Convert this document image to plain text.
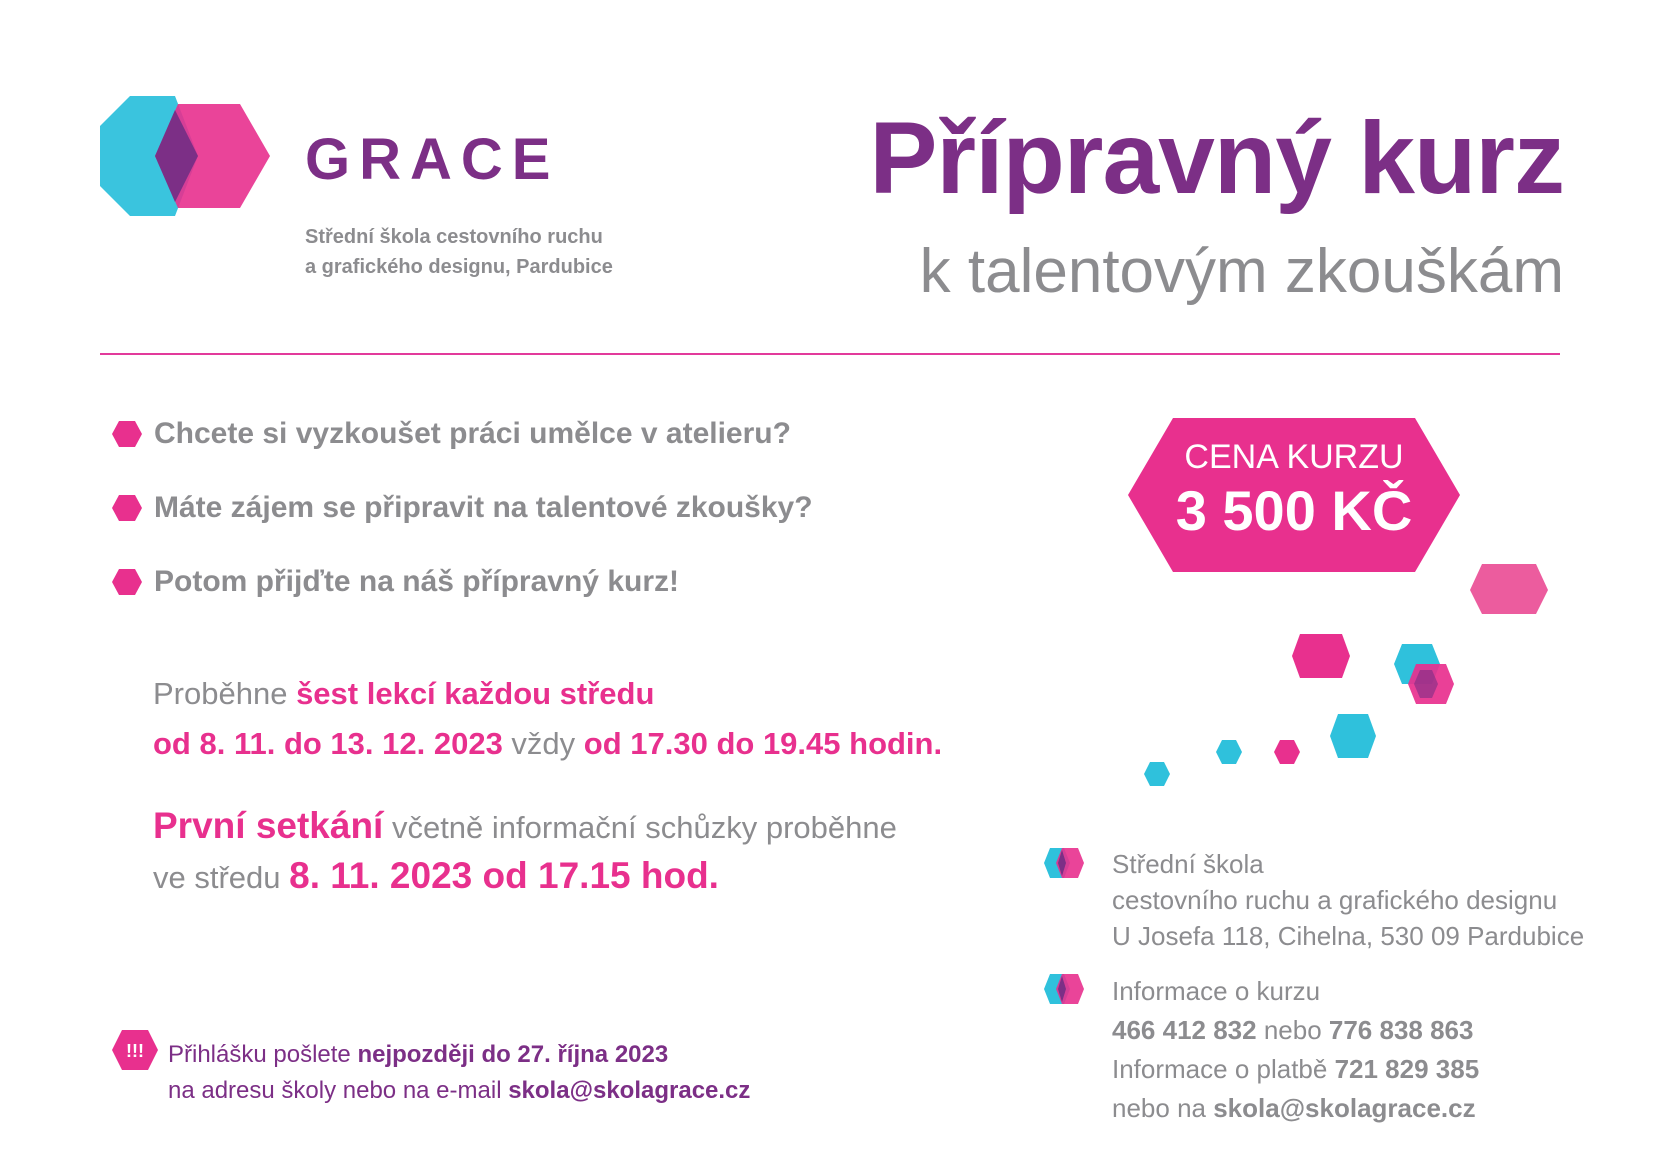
GRACE
Střední škola cestovního ruchu
a grafického designu, Pardubice
Přípravný kurz
k talentovým zkouškám
Chcete si vyzkoušet práci umělce v atelieru?
Máte zájem se připravit na talentové zkoušky?
Potom přijďte na náš přípravný kurz!
Proběhne šest lekcí každou středu
od 8. 11. do 13. 12. 2023 vždy od 17.30 do 19.45 hodin.
První setkání včetně informační schůzky proběhne
ve středu 8. 11. 2023 od 17.15 hod.
CENA KURZU
3 500 KČ
Střední škola
cestovního ruchu a grafického designu
U Josefa 118, Cihelna, 530 09 Pardubice
Informace o kurzu
466 412 832 nebo 776 838 863
Informace o platbě 721 829 385
nebo na skola@skolagrace.cz
!!! Přihlášku pošlete nejpozději do 27. října 2023
na adresu školy nebo na e-mail skola@skolagrace.cz
